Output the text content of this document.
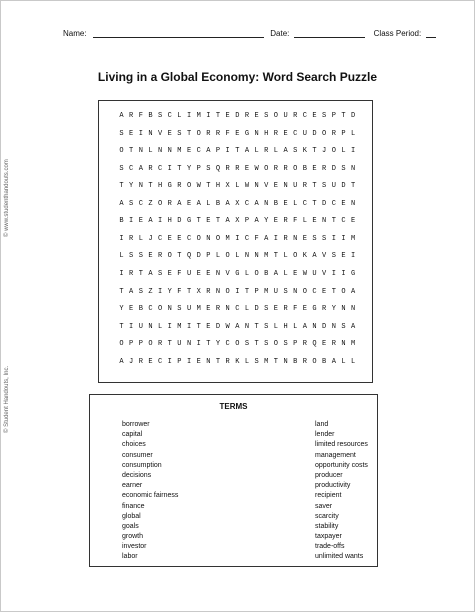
Name:	Date:	Class Period:
Living in a Global Economy: Word Search Puzzle
© www.studenthandouts.com
© Student Handouts, Inc.
A R F B S C L I M I T E D R E S O U R C E S P T D
S E I N V E S T O R R F E G N H R E C U D O R P L
O T N L N N M E C A P I T A L R L A S K T J O L I
S C A R C I T Y P S Q R R E W O R R O B E R D S N
T Y N T H G R O W T H X L W N V E N U R T S U D T
A S C Z O R A E A L B A X C A N B E L C T D C E N
B I E A I H D G T E T A X P A Y E R F L E N T C E
I R L J C E E C O N O M I C F A I R N E S S I I M
L S S E R O T Q D P L O L N N M T L O K A V S E I
I R T A S E F U E E N V G L O B A L E W U V I I G
T A S Z I Y F T X R N O I T P M U S N O C E T O A
Y E B C O N S U M E R N C L D S E R F E G R Y N N
T I U N L I M I T E D W A N T S L H L A N D N S A
O P P O R T U N I T Y C O S T S O S P R Q E R N M
A J R E C I P I E N T R K L S M T N B R O B A L L
TERMS
borrower
capital
choices
consumer
consumption
decisions
earner
economic fairness
finance
global
goals
growth
investor
labor
land
lender
limited resources
management
opportunity costs
producer
productivity
recipient
saver
scarcity
stability
taxpayer
trade-offs
unlimited wants
